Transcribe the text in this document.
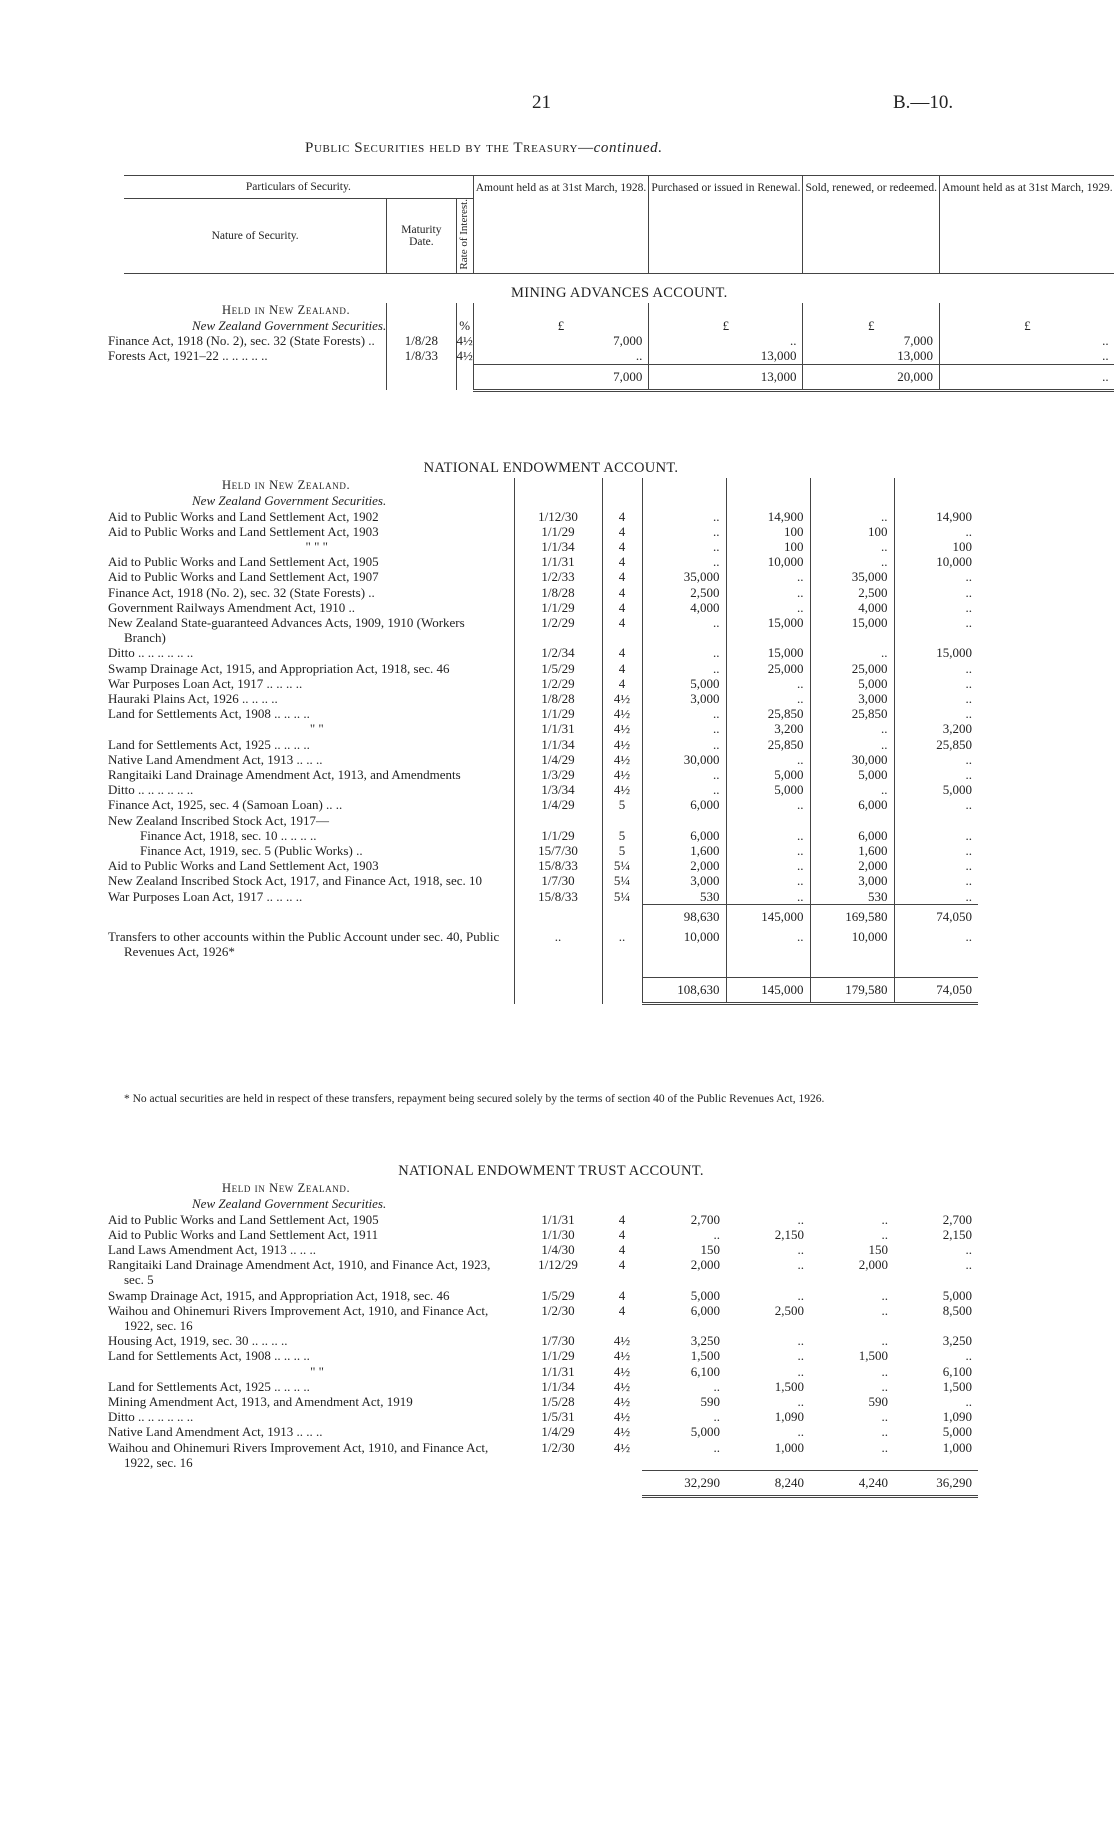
21	B.—10.
Public Securities held by the Treasury—continued.
Particulars of Security.			Amount held as at 31st March, 1928.	Purchased or issued in Renewal.	Sold, renewed, or redeemed.	Amount held as at 31st March, 1929.
Nature of Security.	Maturity Date.	Rate of Interest.				
MINING ADVANCES ACCOUNT.						
Held in New Zealand.						
New Zealand Government Securities.		%	£	£	£	£
Finance Act, 1918 (No. 2), sec. 32 (State Forests) ..	1/8/28	4½	7,000	..	7,000	..
Forests Act, 1921–22 .. .. .. .. ..	1/8/33	4½	..	13,000	13,000	..
			7,000	13,000	20,000	..
NATIONAL ENDOWMENT ACCOUNT.						
Held in New Zealand.						
New Zealand Government Securities.						
Aid to Public Works and Land Settlement Act, 1902	1/12/30	4	..	14,900	..	14,900
Aid to Public Works and Land Settlement Act, 1903	1/1/29	4	..	100	100	..
" " "	1/1/34	4	..	100	..	100
Aid to Public Works and Land Settlement Act, 1905	1/1/31	4	..	10,000	..	10,000
Aid to Public Works and Land Settlement Act, 1907	1/2/33	4	35,000	..	35,000	..
Finance Act, 1918 (No. 2), sec. 32 (State Forests) ..	1/8/28	4	2,500	..	2,500	..
Government Railways Amendment Act, 1910 ..	1/1/29	4	4,000	..	4,000	..
New Zealand State-guaranteed Advances Acts, 1909, 1910 (Workers Branch)	1/2/29	4	..	15,000	15,000	..
Ditto .. .. .. .. .. ..	1/2/34	4	..	15,000	..	15,000
Swamp Drainage Act, 1915, and Appropriation Act, 1918, sec. 46	1/5/29	4	..	25,000	25,000	..
War Purposes Loan Act, 1917 .. .. .. ..	1/2/29	4	5,000	..	5,000	..
Hauraki Plains Act, 1926 .. .. .. ..	1/8/28	4½	3,000	..	3,000	..
Land for Settlements Act, 1908 .. .. .. ..	1/1/29	4½	..	25,850	25,850	..
" "	1/1/31	4½	..	3,200	..	3,200
Land for Settlements Act, 1925 .. .. .. ..	1/1/34	4½	..	25,850	..	25,850
Native Land Amendment Act, 1913 .. .. ..	1/4/29	4½	30,000	..	30,000	..
Rangitaiki Land Drainage Amendment Act, 1913, and Amendments	1/3/29	4½	..	5,000	5,000	..
Ditto .. .. .. .. .. ..	1/3/34	4½	..	5,000	..	5,000
Finance Act, 1925, sec. 4 (Samoan Loan) .. ..	1/4/29	5	6,000	..	6,000	..
New Zealand Inscribed Stock Act, 1917—						
Finance Act, 1918, sec. 10 .. .. .. ..	1/1/29	5	6,000	..	6,000	..
Finance Act, 1919, sec. 5 (Public Works) ..	15/7/30	5	1,600	..	1,600	..
Aid to Public Works and Land Settlement Act, 1903	15/8/33	5¼	2,000	..	2,000	..
New Zealand Inscribed Stock Act, 1917, and Finance Act, 1918, sec. 10	1/7/30	5¼	3,000	..	3,000	..
War Purposes Loan Act, 1917 .. .. .. ..	15/8/33	5¼	530	..	530	..
			98,630	145,000	169,580	74,050
Transfers to other accounts within the Public Account under sec. 40, Public Revenues Act, 1926*	..	..	10,000	..	10,000	..
			108,630	145,000	179,580	74,050
* No actual securities are held in respect of these transfers, repayment being secured solely by the terms of section 40 of the Public Revenues Act, 1926.
NATIONAL ENDOWMENT TRUST ACCOUNT.						
Held in New Zealand.						
New Zealand Government Securities.						
Aid to Public Works and Land Settlement Act, 1905	1/1/31	4	2,700	..	..	2,700
Aid to Public Works and Land Settlement Act, 1911	1/1/30	4	..	2,150	..	2,150
Land Laws Amendment Act, 1913 .. .. ..	1/4/30	4	150	..	150	..
Rangitaiki Land Drainage Amendment Act, 1910, and Finance Act, 1923, sec. 5	1/12/29	4	2,000	..	2,000	..
Swamp Drainage Act, 1915, and Appropriation Act, 1918, sec. 46	1/5/29	4	5,000	..	..	5,000
Waihou and Ohinemuri Rivers Improvement Act, 1910, and Finance Act, 1922, sec. 16	1/2/30	4	6,000	2,500	..	8,500
Housing Act, 1919, sec. 30 .. .. .. ..	1/7/30	4½	3,250	..	..	3,250
Land for Settlements Act, 1908 .. .. .. ..	1/1/29	4½	1,500	..	1,500	..
" "	1/1/31	4½	6,100	..	..	6,100
Land for Settlements Act, 1925 .. .. .. ..	1/1/34	4½	..	1,500	..	1,500
Mining Amendment Act, 1913, and Amendment Act, 1919	1/5/28	4½	590	..	590	..
Ditto .. .. .. .. .. ..	1/5/31	4½	..	1,090	..	1,090
Native Land Amendment Act, 1913 .. .. ..	1/4/29	4½	5,000	..	..	5,000
Waihou and Ohinemuri Rivers Improvement Act, 1910, and Finance Act, 1922, sec. 16	1/2/30	4½	..	1,000	..	1,000
			32,290	8,240	4,240	36,290
